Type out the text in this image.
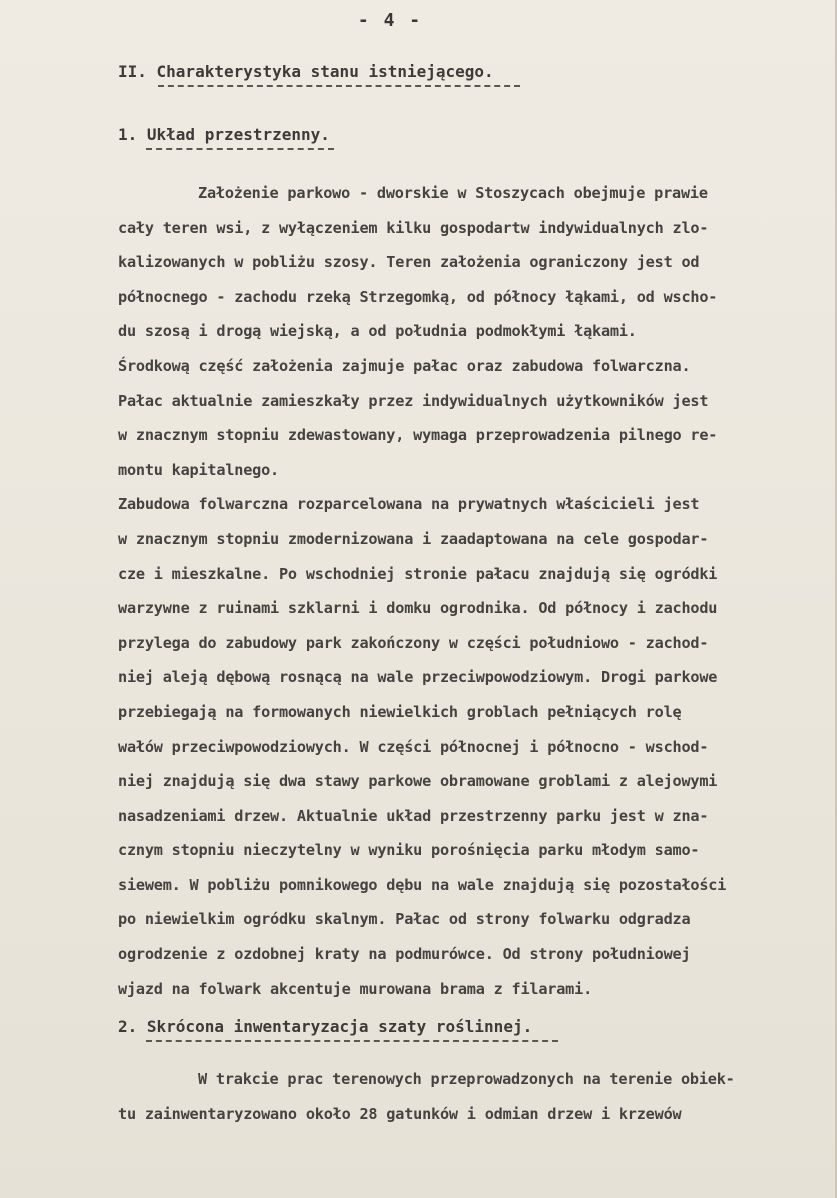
- 4 -
II. Charakterystyka stanu istniejącego.
1. Układ przestrzenny.
Założenie parkowo - dworskie w Stoszycach obejmuje prawie
cały teren wsi, z wyłączeniem kilku gospodartw indywidualnych zlo-
kalizowanych w pobliżu szosy. Teren założenia ograniczony jest od
północnego - zachodu rzeką Strzegomką, od północy łąkami, od wscho-
du szosą i drogą wiejską, a od południa podmokłymi łąkami.
Środkową część założenia zajmuje pałac oraz zabudowa folwarczna.
Pałac aktualnie zamieszkały przez indywidualnych użytkowników jest
w znacznym stopniu zdewastowany, wymaga przeprowadzenia pilnego re-
montu kapitalnego.
Zabudowa folwarczna rozparcelowana na prywatnych właścicieli jest
w znacznym stopniu zmodernizowana i zaadaptowana na cele gospodar-
cze i mieszkalne. Po wschodniej stronie pałacu znajdują się ogródki
warzywne z ruinami szklarni i domku ogrodnika. Od północy i zachodu
przylega do zabudowy park zakończony w części południowo - zachod-
niej aleją dębową rosnącą na wale przeciwpowodziowym. Drogi parkowe
przebiegają na formowanych niewielkich groblach pełniących rolę
wałów przeciwpowodziowych. W części północnej i północno - wschod-
niej znajdują się dwa stawy parkowe obramowane groblami z alejowymi
nasadzeniami drzew. Aktualnie układ przestrzenny parku jest w zna-
cznym stopniu nieczytelny w wyniku porośnięcia parku młodym samo-
siewem. W pobliżu pomnikowego dębu na wale znajdują się pozostałości
po niewielkim ogródku skalnym. Pałac od strony folwarku odgradza
ogrodzenie z ozdobnej kraty na podmurówce. Od strony południowej
wjazd na folwark akcentuje murowana brama z filarami.
2. Skrócona inwentaryzacja szaty roślinnej.
W trakcie prac terenowych przeprowadzonych na terenie obiek-
tu zainwentaryzowano około 28 gatunków i odmian drzew i krzewów
